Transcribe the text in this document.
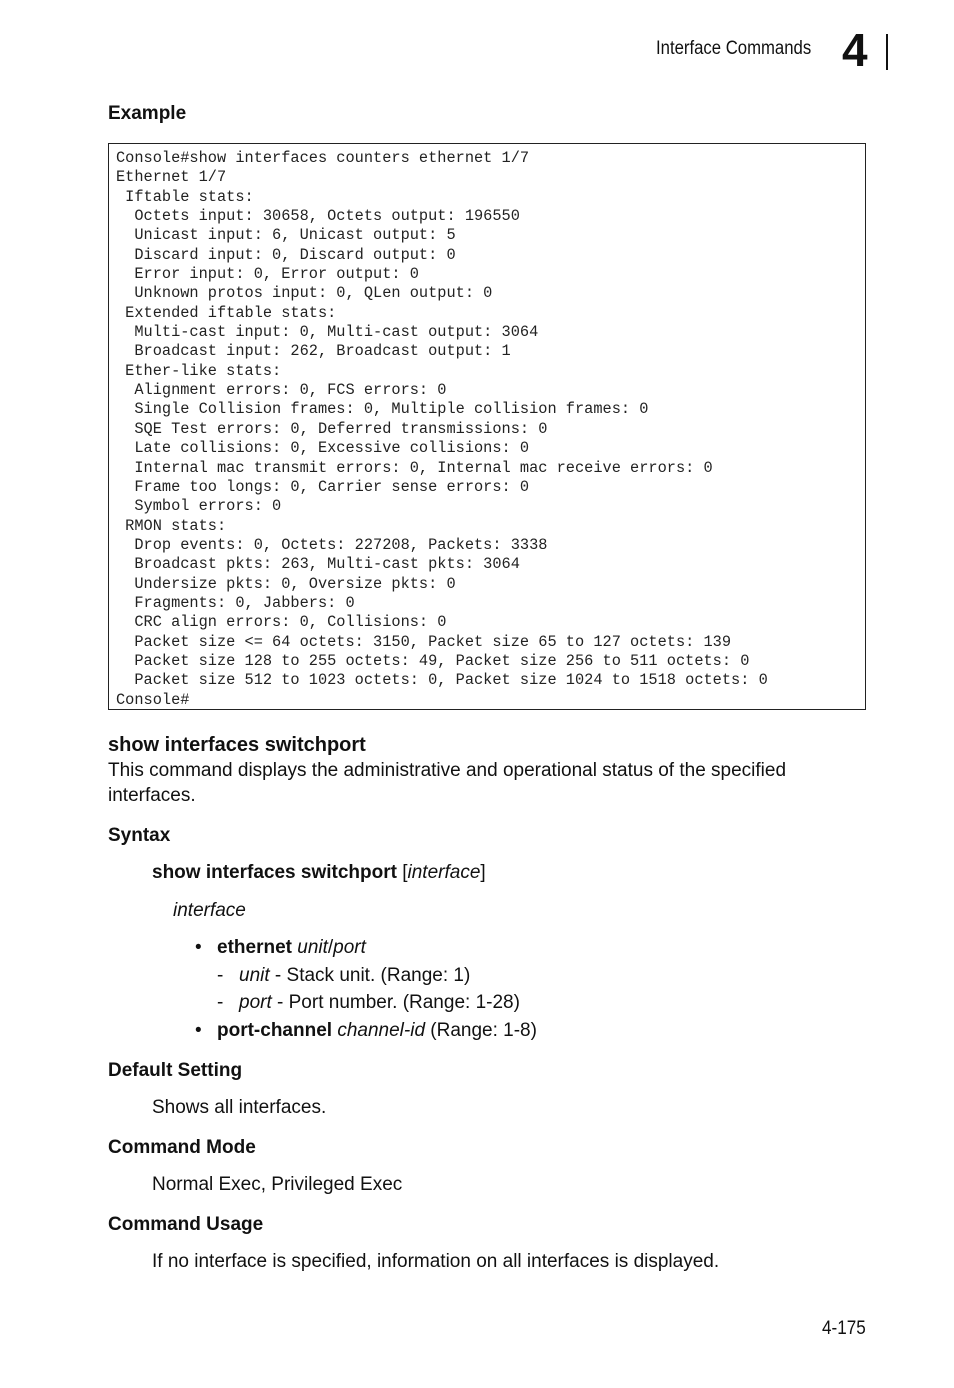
Interface Commands 4
Example
Console#show interfaces counters ethernet 1/7
Ethernet 1/7
Iftable stats:
Octets input: 30658, Octets output: 196550
Unicast input: 6, Unicast output: 5
Discard input: 0, Discard output: 0
Error input: 0, Error output: 0
Unknown protos input: 0, QLen output: 0
Extended iftable stats:
Multi-cast input: 0, Multi-cast output: 3064
Broadcast input: 262, Broadcast output: 1
Ether-like stats:
Alignment errors: 0, FCS errors: 0
Single Collision frames: 0, Multiple collision frames: 0
SQE Test errors: 0, Deferred transmissions: 0
Late collisions: 0, Excessive collisions: 0
Internal mac transmit errors: 0, Internal mac receive errors: 0
Frame too longs: 0, Carrier sense errors: 0
Symbol errors: 0
RMON stats:
Drop events: 0, Octets: 227208, Packets: 3338
Broadcast pkts: 263, Multi-cast pkts: 3064
Undersize pkts: 0, Oversize pkts: 0
Fragments: 0, Jabbers: 0
CRC align errors: 0, Collisions: 0
Packet size <= 64 octets: 3150, Packet size 65 to 127 octets: 139
Packet size 128 to 255 octets: 49, Packet size 256 to 511 octets: 0
Packet size 512 to 1023 octets: 0, Packet size 1024 to 1518 octets: 0
Console#
show interfaces switchport
This command displays the administrative and operational status of the specified
interfaces.
Syntax
show interfaces switchport [interface]
interface
• ethernet unit/port
- unit - Stack unit. (Range: 1)
- port - Port number. (Range: 1-28)
• port-channel channel-id (Range: 1-8)
Default Setting
Shows all interfaces.
Command Mode
Normal Exec, Privileged Exec
Command Usage
If no interface is specified, information on all interfaces is displayed.
4-175
